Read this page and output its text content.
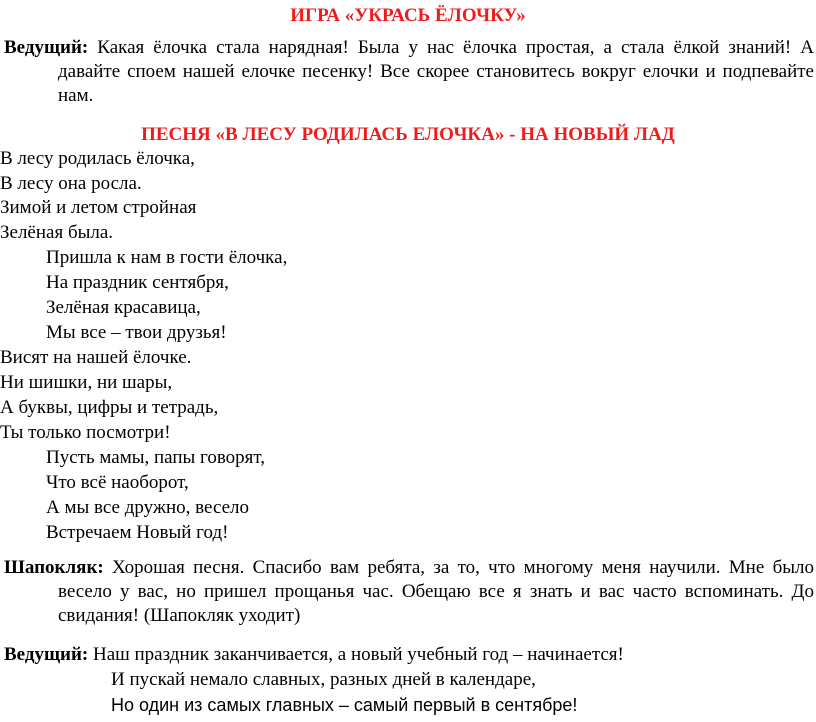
ИГРА «УКРАСЬ ЁЛОЧКУ»
Ведущий: Какая ёлочка стала нарядная! Была у нас ёлочка простая, а стала ёлкой знаний! А давайте споем нашей елочке песенку! Все скорее становитесь вокруг елочки и подпевайте нам.
ПЕСНЯ «В ЛЕСУ РОДИЛАСЬ ЕЛОЧКА» - НА НОВЫЙ ЛАД
В лесу родилась ёлочка,
В лесу она росла.
Зимой и летом стройная
Зелёная была.
Пришла к нам в гости ёлочка,
На праздник сентября,
Зелёная красавица,
Мы все – твои друзья!
Висят на нашей ёлочке.
Ни шишки, ни шары,
А буквы, цифры и тетрадь,
Ты только посмотри!
Пусть мамы, папы говорят,
Что всё наоборот,
А мы все дружно, весело
Встречаем Новый год!
Шапокляк: Хорошая песня. Спасибо вам ребята, за то, что многому меня научили. Мне было весело у вас, но пришел прощанья час. Обещаю все я знать и вас часто вспоминать. До свидания! (Шапокляк уходит)
Ведущий: Наш праздник заканчивается, а новый учебный год – начинается!
И пускай немало славных, разных дней в календаре,
Но один из самых главных – самый первый в сентябре!
